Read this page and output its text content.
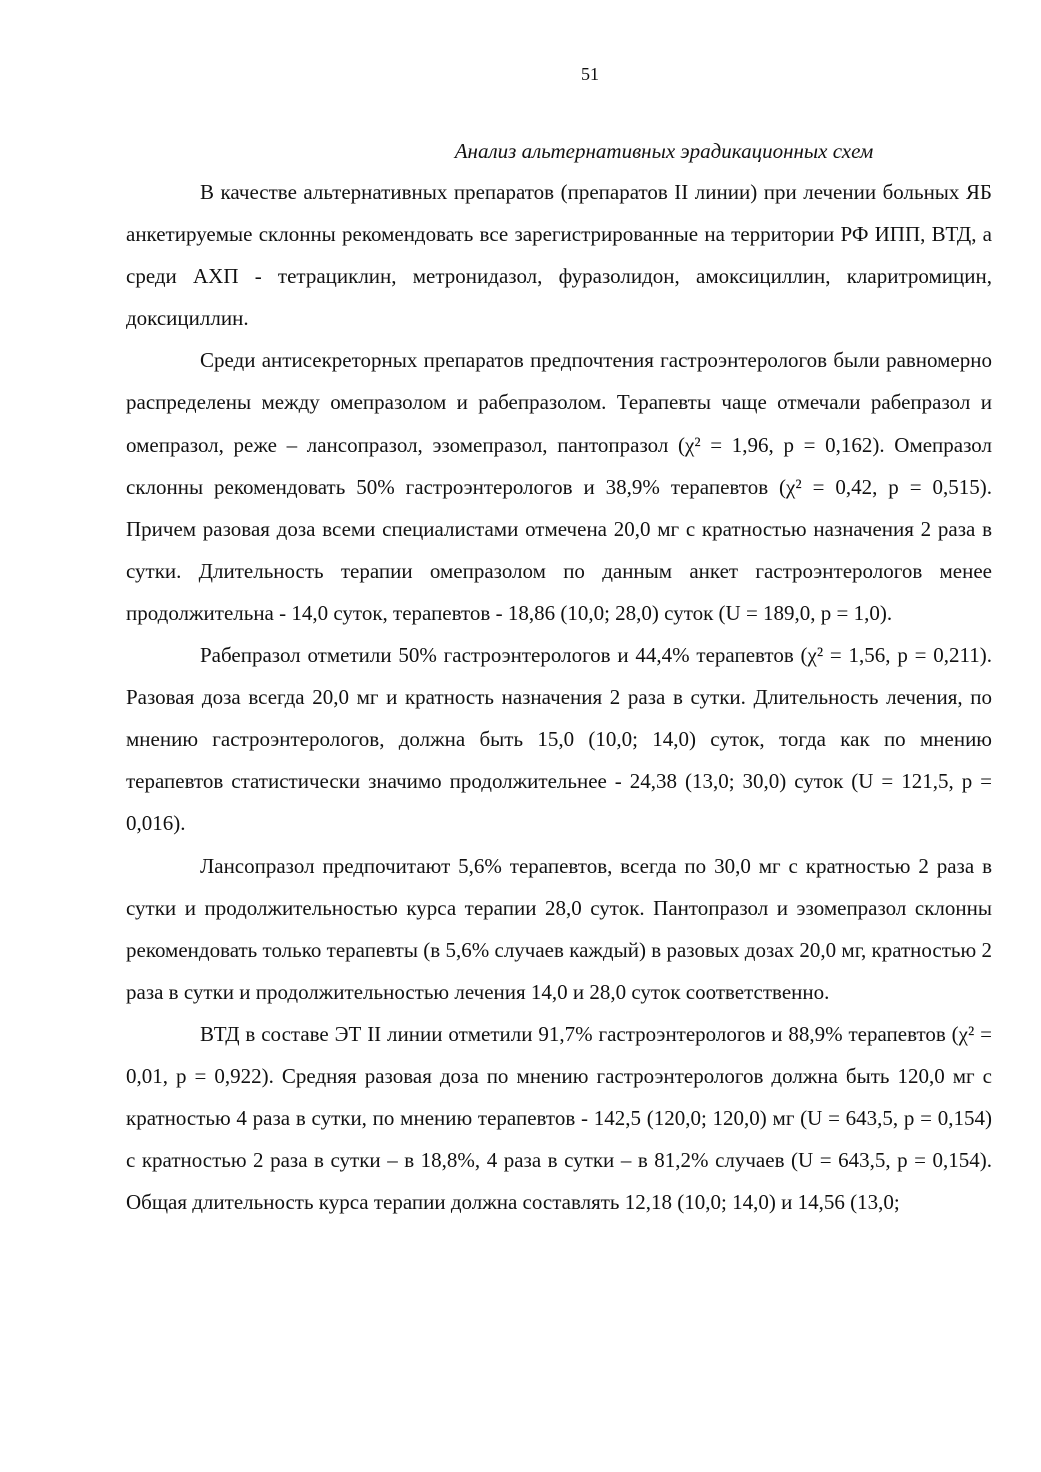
51
Анализ альтернативных эрадикационных схем

В качестве альтернативных препаратов (препаратов II линии) при лечении больных ЯБ анкетируемые склонны рекомендовать все зарегистрированные на территории РФ ИПП, ВТД, а среди АХП - тетрациклин, метронидазол, фуразолидон, амоксициллин, кларитромицин, доксициллин.

Среди антисекреторных препаратов предпочтения гастроэнтерологов были равномерно распределены между омепразолом и рабепразолом. Терапевты чаще отмечали рабепразол и омепразол, реже – лансопразол, эзомепразол, пантопразол (χ² = 1,96, p = 0,162). Омепразол склонны рекомендовать 50% гастроэнтерологов и 38,9% терапевтов (χ² = 0,42, p = 0,515). Причем разовая доза всеми специалистами отмечена 20,0 мг с кратностью назначения 2 раза в сутки. Длительность терапии омепразолом по данным анкет гастроэнтерологов менее продолжительна - 14,0 суток, терапевтов - 18,86 (10,0; 28,0) суток (U = 189,0, p = 1,0).

Рабепразол отметили 50% гастроэнтерологов и 44,4% терапевтов (χ² = 1,56, p = 0,211). Разовая доза всегда 20,0 мг и кратность назначения 2 раза в сутки. Длительность лечения, по мнению гастроэнтерологов, должна быть 15,0 (10,0; 14,0) суток, тогда как по мнению терапевтов статистически значимо продолжительнее - 24,38 (13,0; 30,0) суток (U = 121,5, p = 0,016).

Лансопразол предпочитают 5,6% терапевтов, всегда по 30,0 мг с кратностью 2 раза в сутки и продолжительностью курса терапии 28,0 суток. Пантопразол и эзомепразол склонны рекомендовать только терапевты (в 5,6% случаев каждый) в разовых дозах 20,0 мг, кратностью 2 раза в сутки и продолжительностью лечения 14,0 и 28,0 суток соответственно.

ВТД в составе ЭТ II линии отметили 91,7% гастроэнтерологов и 88,9% терапевтов (χ² = 0,01, p = 0,922). Средняя разовая доза по мнению гастроэнтерологов должна быть 120,0 мг с кратностью 4 раза в сутки, по мнению терапевтов - 142,5 (120,0; 120,0) мг (U = 643,5, p = 0,154) с кратностью 2 раза в сутки – в 18,8%, 4 раза в сутки – в 81,2% случаев (U = 643,5, p = 0,154). Общая длительность курса терапии должна составлять 12,18 (10,0; 14,0) и 14,56 (13,0;
